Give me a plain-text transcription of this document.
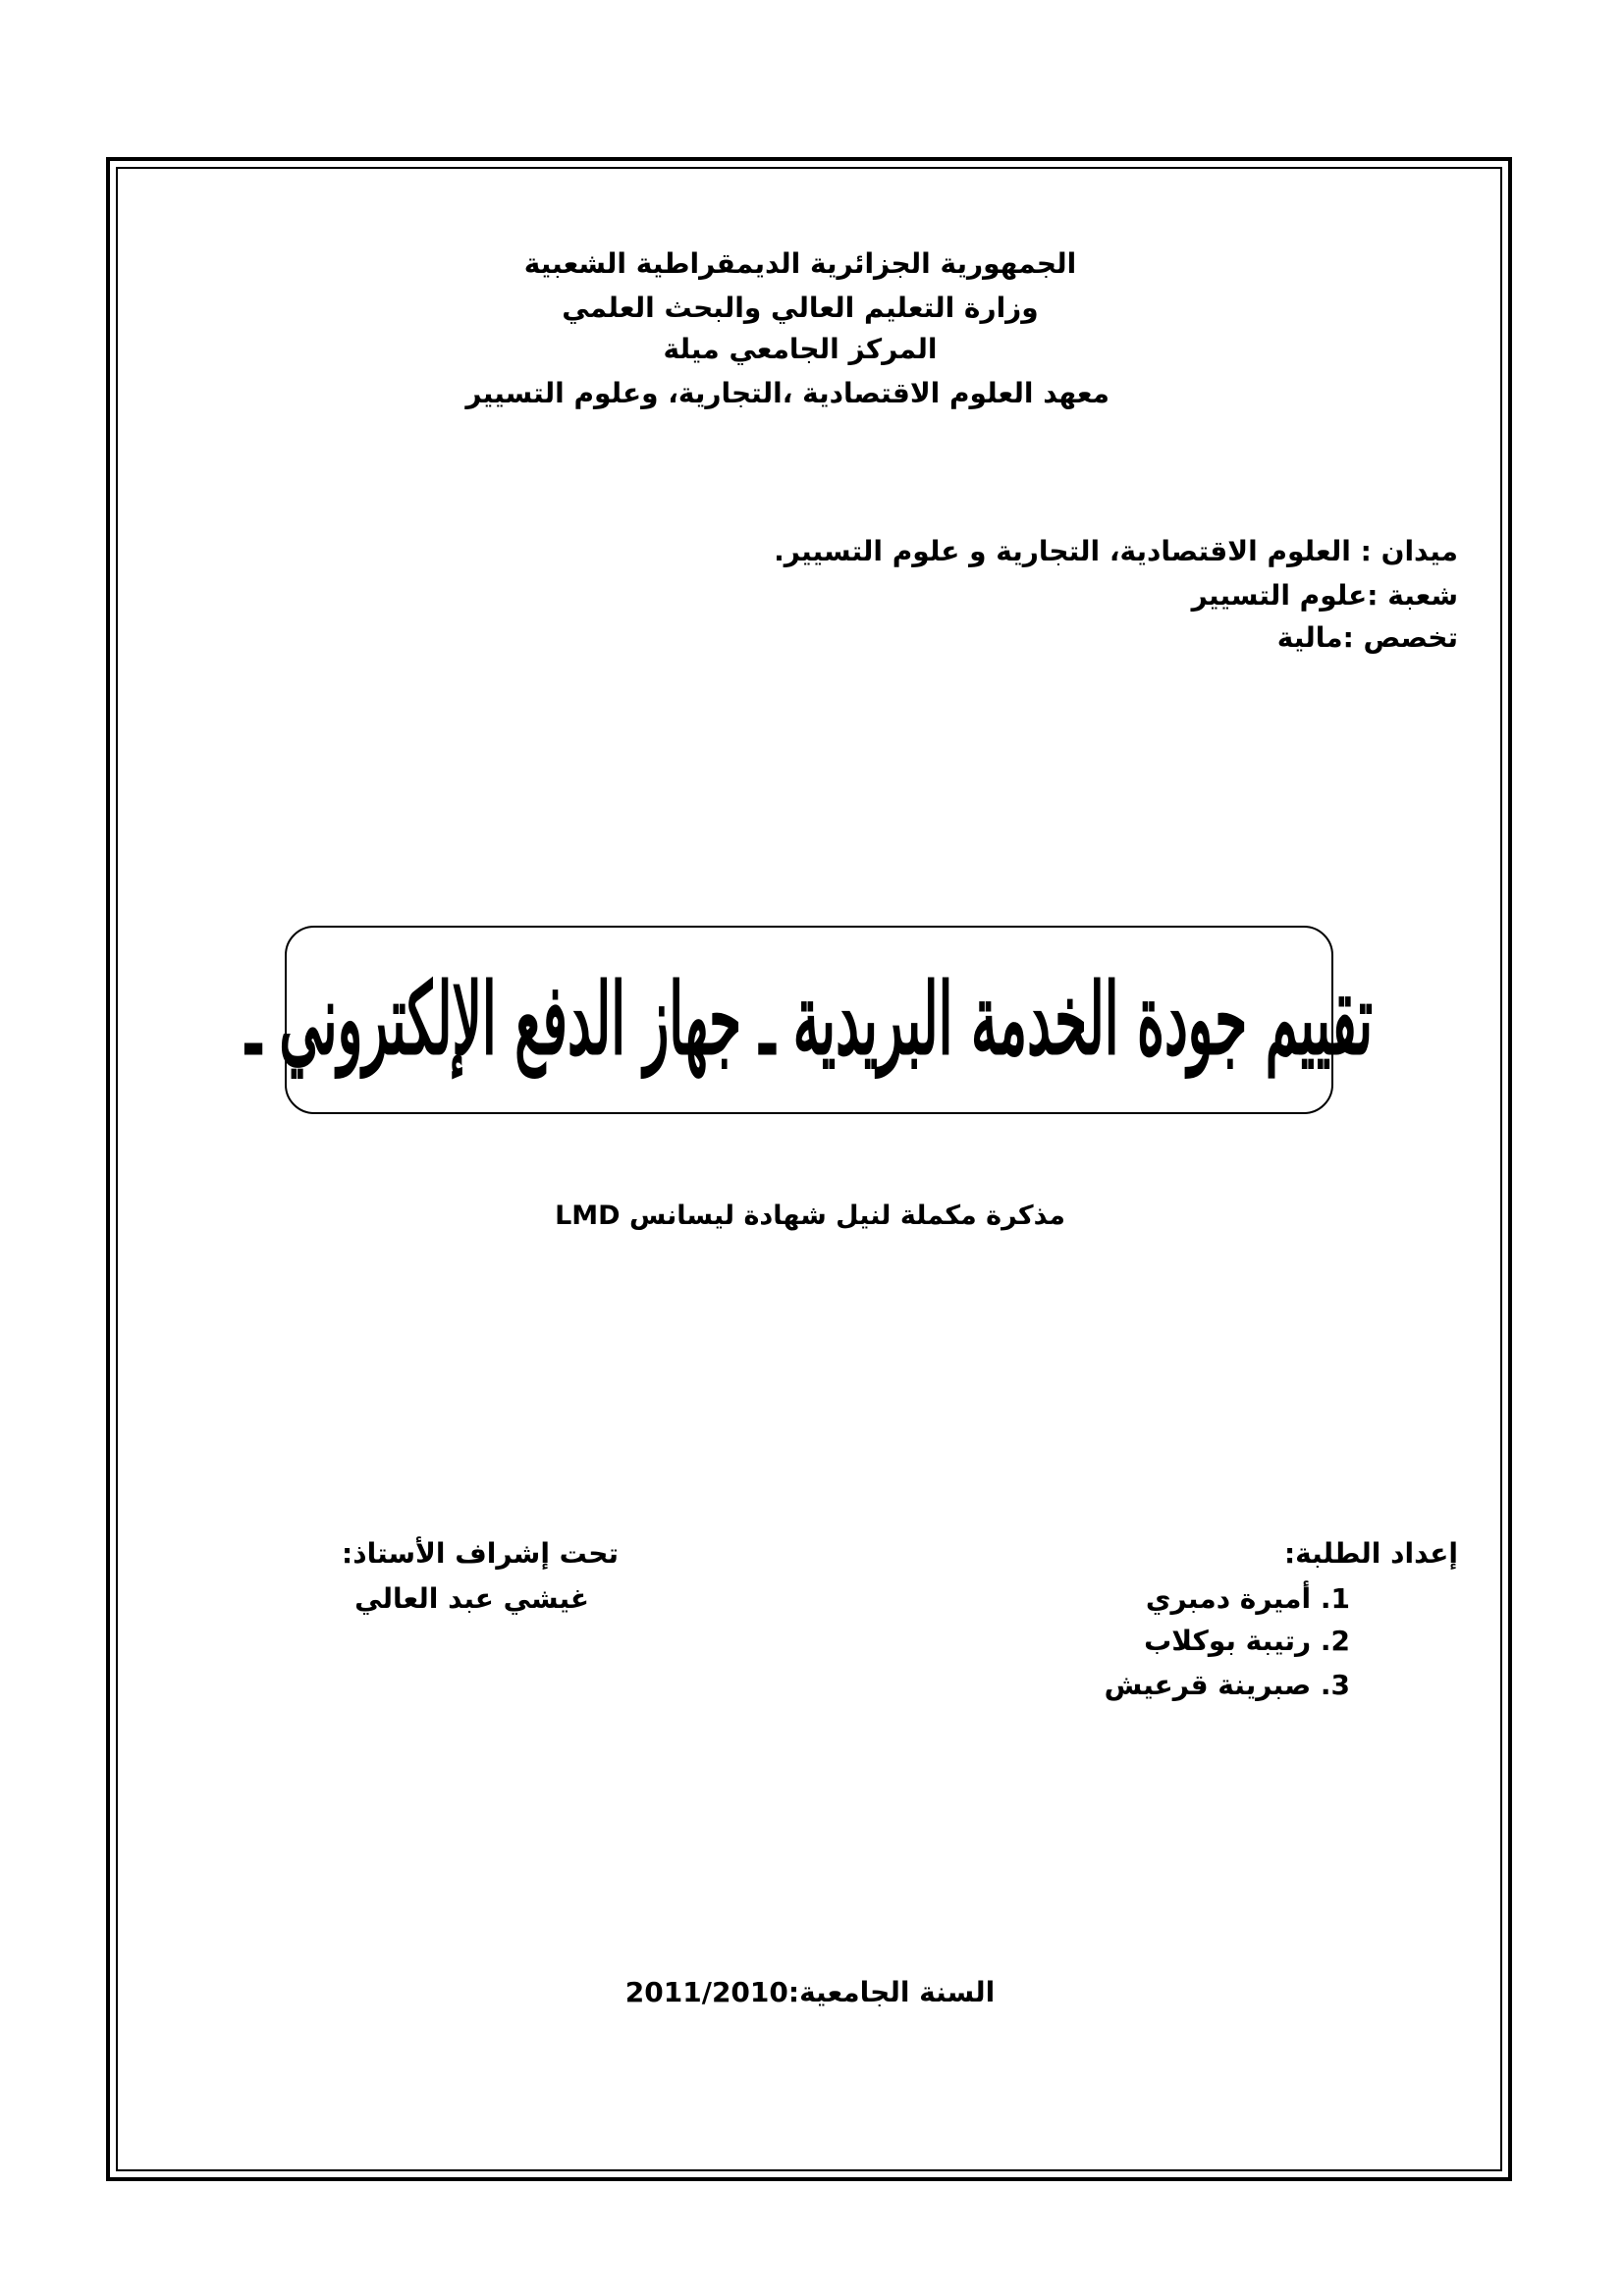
الجمهورية الجزائرية الديمقراطية الشعبية
وزارة التعليم العالي والبحث العلمي
المركز الجامعي ميلة
معهد العلوم الاقتصادية ،التجارية، وعلوم التسيير
ميدان : العلوم الاقتصادية، التجارية و علوم التسيير.
شعبة :علوم التسيير
تخصص :مالية
تقييم جودة الخدمة البريدية ـ جهاز الدفع الإلكتروني ـ
مذكرة مكملة لنيل شهادة ليسانس LMD
إعداد الطلبة:
1. أميرة دمبري
2. رتيبة بوكلاب
3. صبرينة قرعيش
تحت إشراف الأستاذ:
غيشي عبد العالي
السنة الجامعية:2011/2010
